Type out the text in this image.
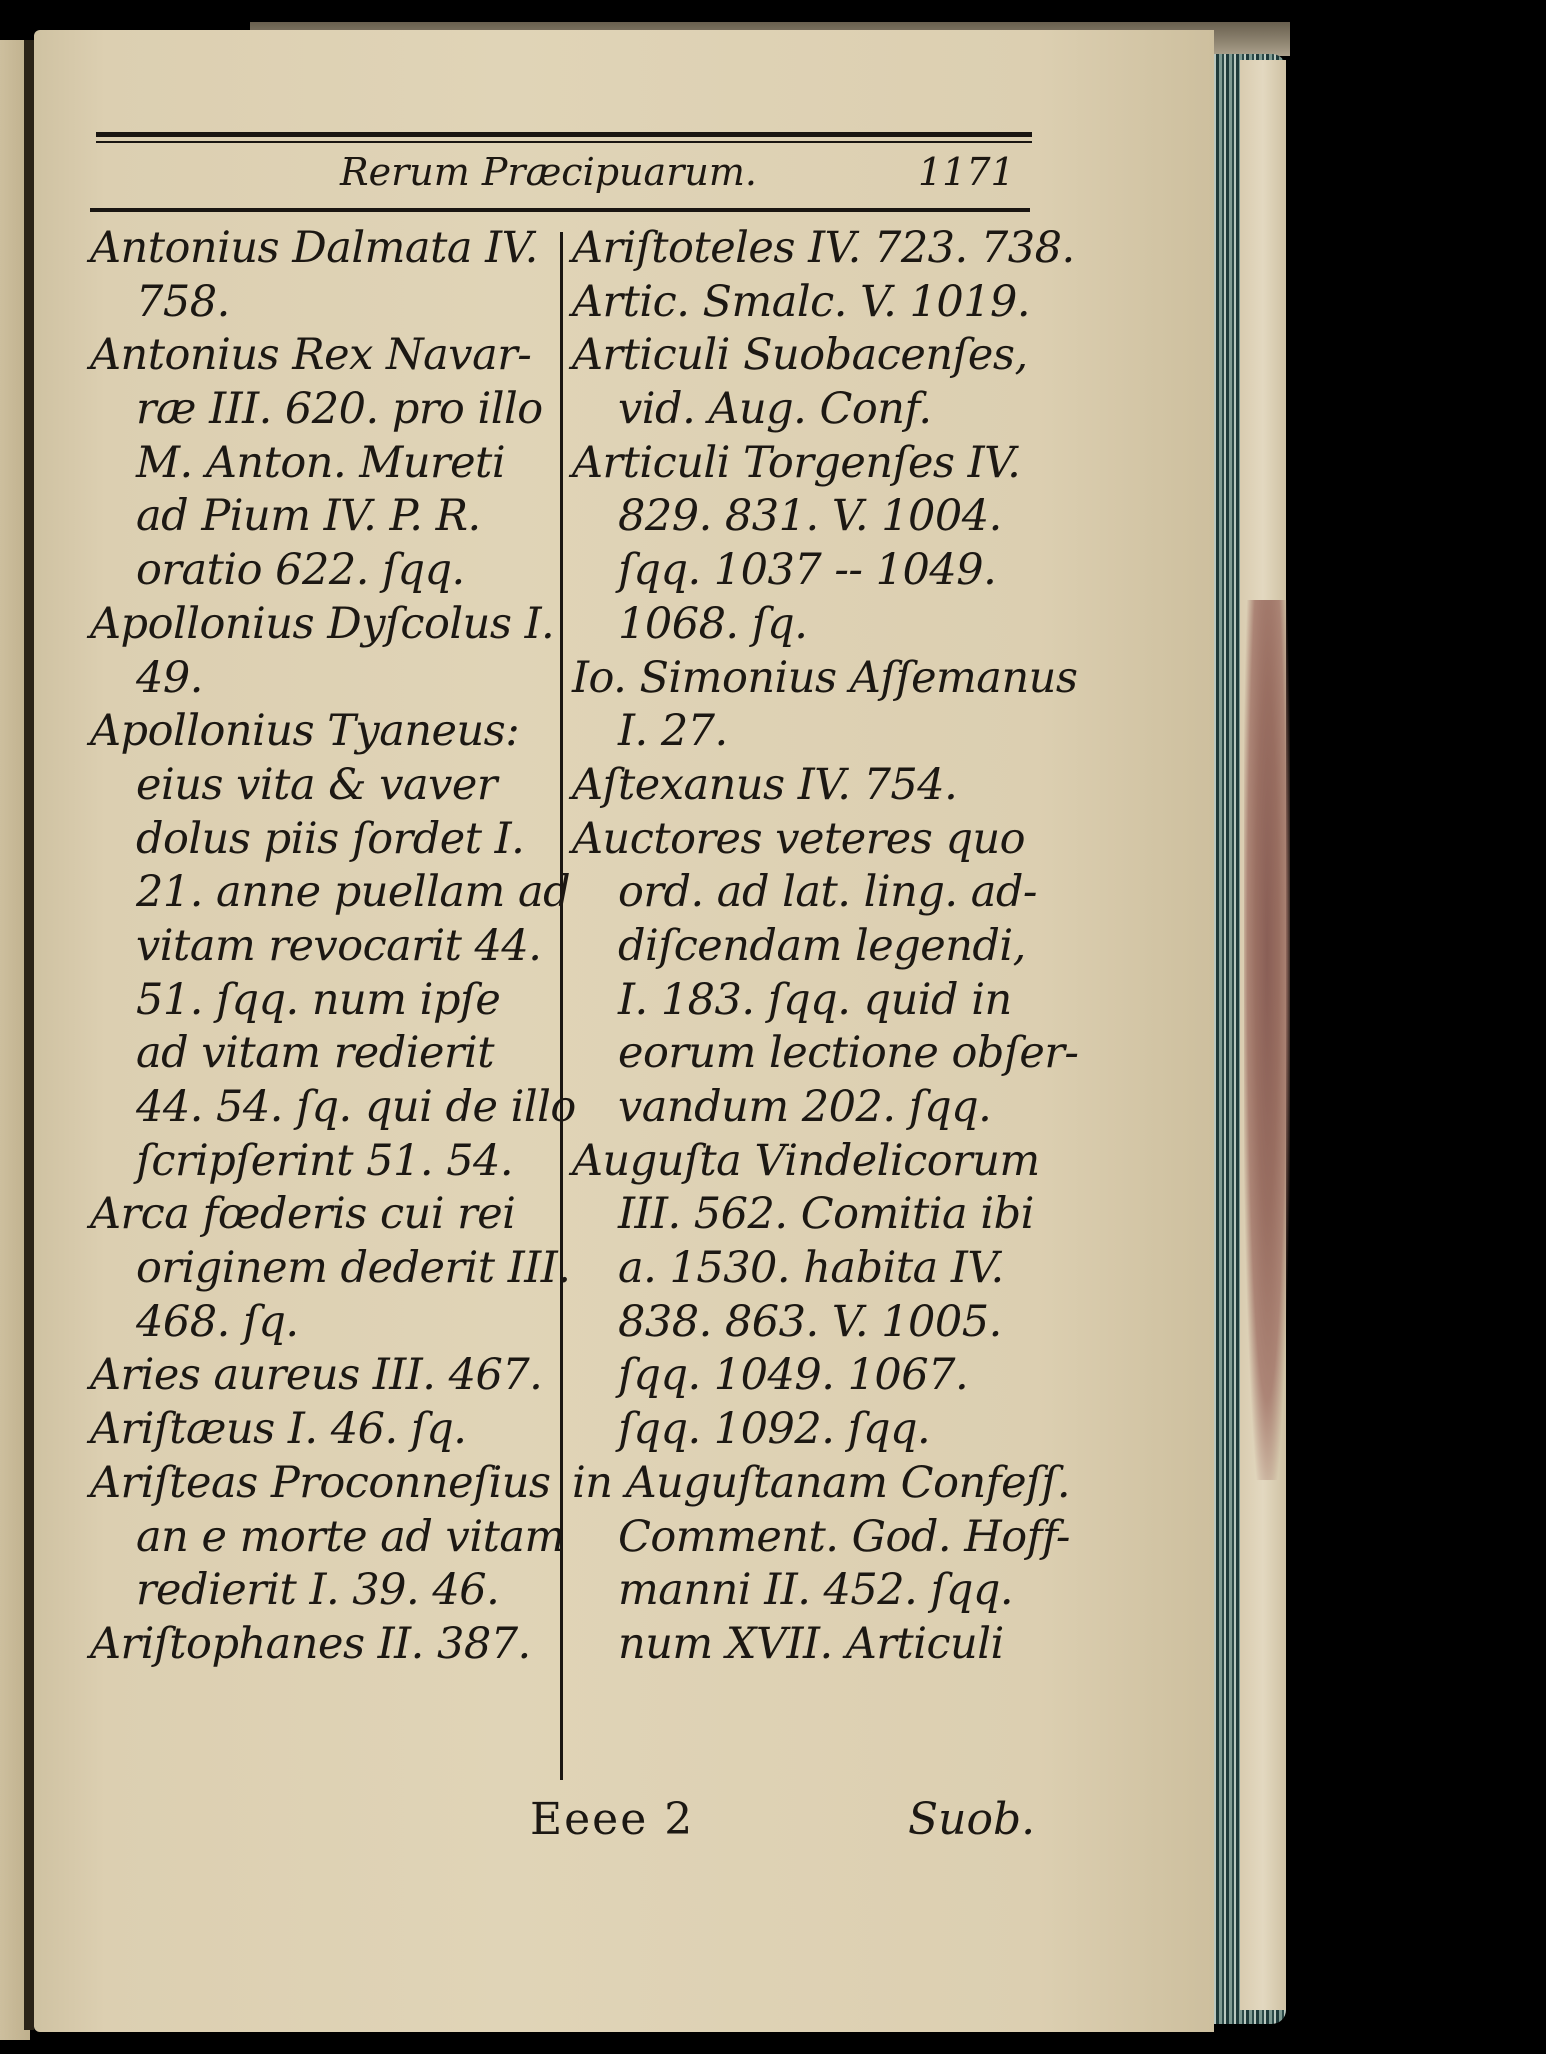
Rerum Præcipuarum.	1171
Antonius Dalmata IV.
758.
Antonius Rex Navar-
ræ III. 620. pro illo
M. Anton. Mureti
ad Pium IV. P. R.
oratio 622. ſqq.
Apollonius Dyſcolus I.
49.
Apollonius Tyaneus:
eius vita & vaver
dolus piis ſordet I.
21. anne puellam ad
vitam revocarit 44.
51. ſqq. num ipſe
ad vitam redierit
44. 54. ſq. qui de illo
ſcripſerint 51. 54.
Arca fœderis cui rei
originem dederit III.
468. ſq.
Aries aureus III. 467.
Ariſtæus I. 46. ſq.
Ariſteas Proconneſius
an e morte ad vitam
redierit I. 39. 46.
Ariſtophanes II. 387.
Ariſtoteles IV. 723. 738.
Artic. Smalc. V. 1019.
Articuli Suobacenſes,
vid. Aug. Conf.
Articuli Torgenſes IV.
829. 831. V. 1004.
ſqq. 1037 -- 1049.
1068. ſq.
Io. Simonius Aſſemanus
I. 27.
Aſtexanus IV. 754.
Auctores veteres quo
ord. ad lat. ling. ad-
diſcendam legendi,
I. 183. ſqq. quid in
eorum lectione obſer-
vandum 202. ſqq.
Auguſta Vindelicorum
III. 562. Comitia ibi
a. 1530. habita IV.
838. 863. V. 1005.
ſqq. 1049. 1067.
ſqq. 1092. ſqq.
in Auguſtanam Confeſſ.
Comment. God. Hoff-
manni II. 452. ſqq.
num XVII. Articuli
Eeee 2	Suob.
